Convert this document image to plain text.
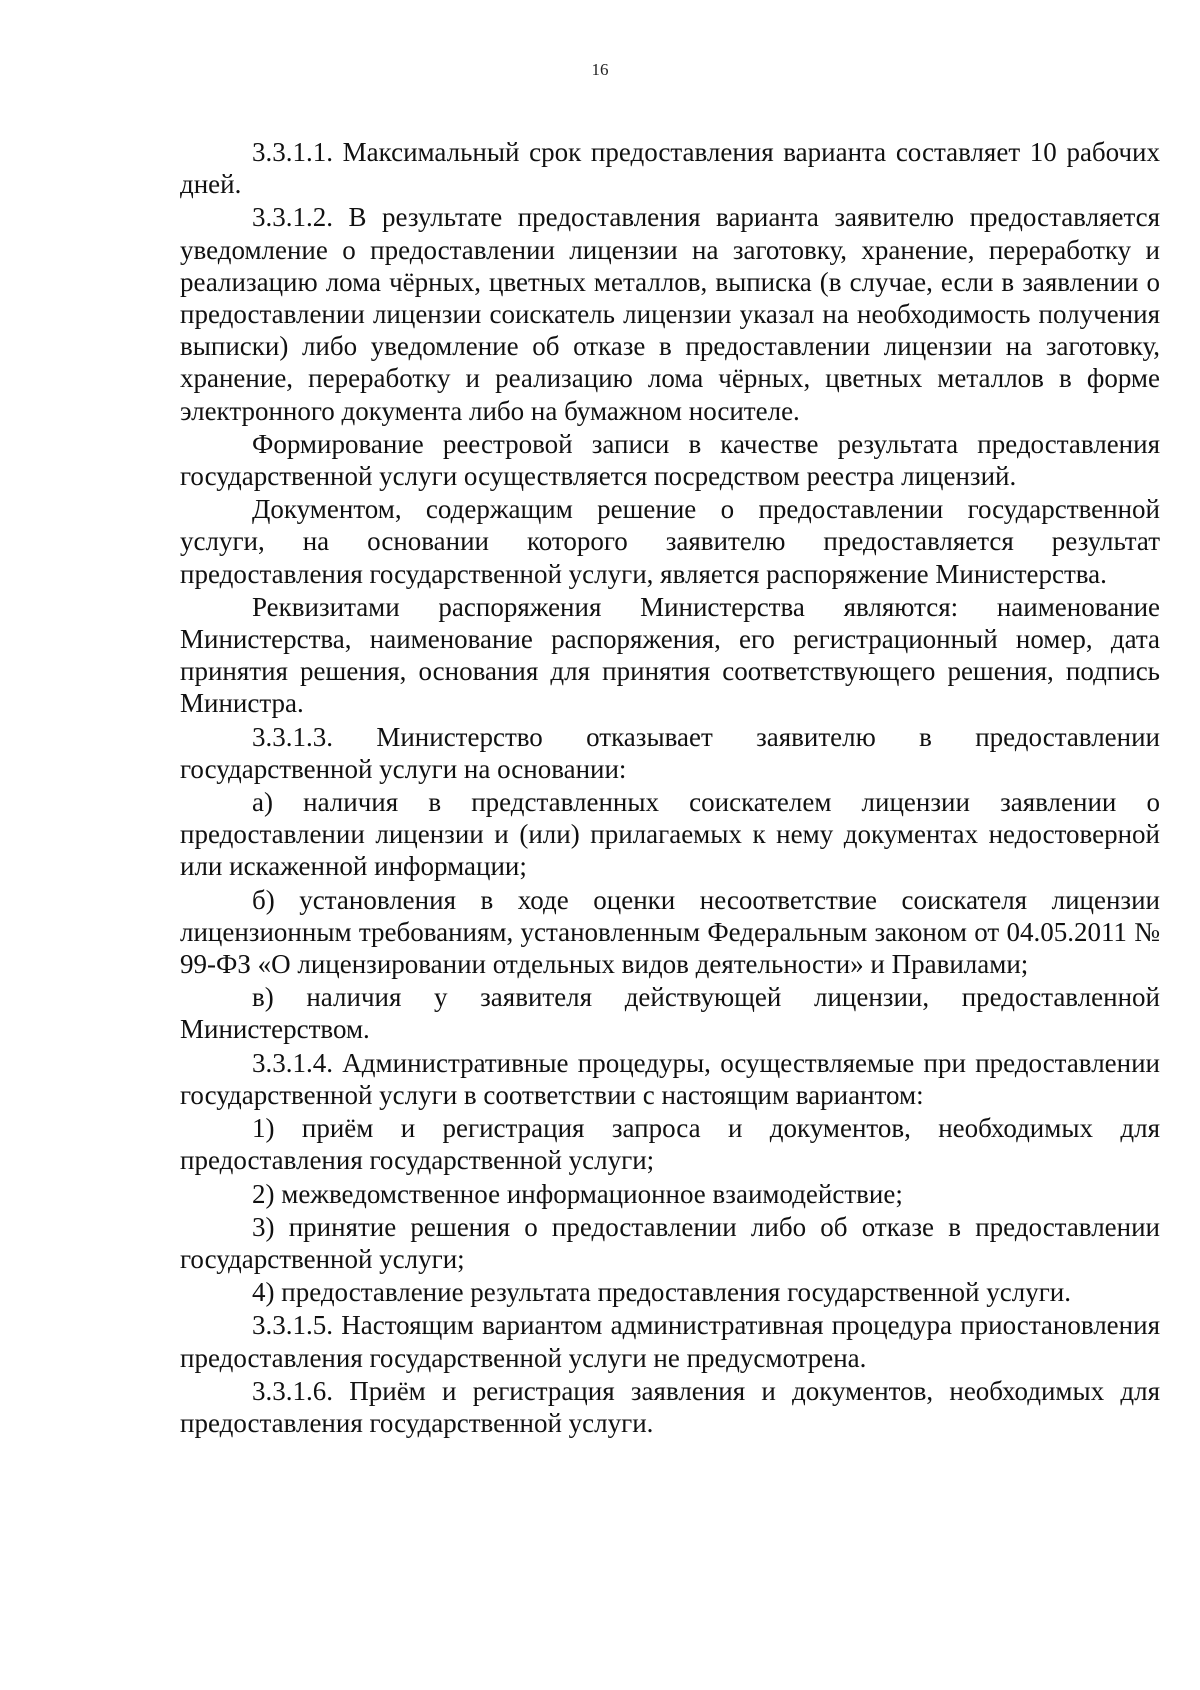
16

3.3.1.1. Максимальный срок предоставления варианта составляет 10 рабочих дней.

3.3.1.2. В результате предоставления варианта заявителю предоставляется уведомление о предоставлении лицензии на заготовку, хранение, переработку и реализацию лома чёрных, цветных металлов, выписка (в случае, если в заявлении о предоставлении лицензии соискатель лицензии указал на необходимость получения выписки) либо уведомление об отказе в предоставлении лицензии на заготовку, хранение, переработку и реализацию лома чёрных, цветных металлов в форме электронного документа либо на бумажном носителе.

Формирование реестровой записи в качестве результата предоставления государственной услуги осуществляется посредством реестра лицензий.

Документом, содержащим решение о предоставлении государственной услуги, на основании которого заявителю предоставляется результат предоставления государственной услуги, является распоряжение Министерства.

Реквизитами распоряжения Министерства являются: наименование Министерства, наименование распоряжения, его регистрационный номер, дата принятия решения, основания для принятия соответствующего решения, подпись Министра.

3.3.1.3. Министерство отказывает заявителю в предоставлении государственной услуги на основании:

а) наличия в представленных соискателем лицензии заявлении о предоставлении лицензии и (или) прилагаемых к нему документах недостоверной или искаженной информации;

б) установления в ходе оценки несоответствие соискателя лицензии лицензионным требованиям, установленным Федеральным законом от 04.05.2011 № 99-ФЗ «О лицензировании отдельных видов деятельности» и Правилами;

в) наличия у заявителя действующей лицензии, предоставленной Министерством.

3.3.1.4. Административные процедуры, осуществляемые при предоставлении государственной услуги в соответствии с настоящим вариантом:

1) приём и регистрация запроса и документов, необходимых для предоставления государственной услуги;

2) межведомственное информационное взаимодействие;

3) принятие решения о предоставлении либо об отказе в предоставлении государственной услуги;

4) предоставление результата предоставления государственной услуги.

3.3.1.5. Настоящим вариантом административная процедура приостановления предоставления государственной услуги не предусмотрена.

3.3.1.6. Приём и регистрация заявления и документов, необходимых для предоставления государственной услуги.
